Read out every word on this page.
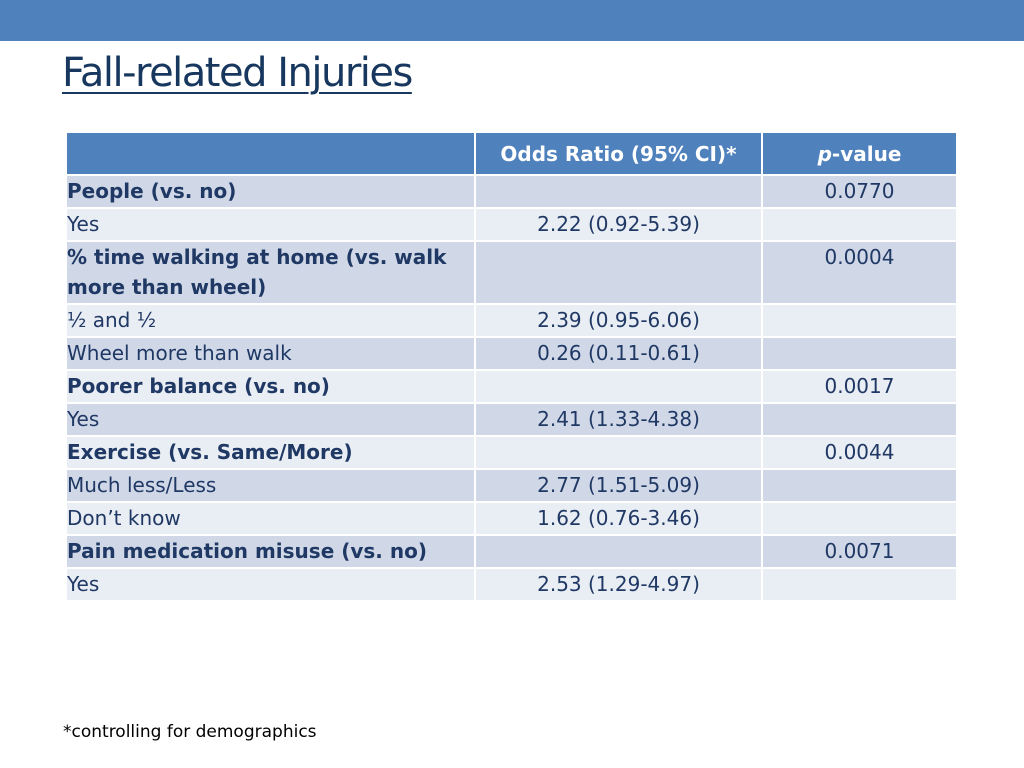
Fall-related Injuries
	Odds Ratio (95% CI)*	p-value
People (vs. no)		0.0770
Yes	2.22 (0.92-5.39)	
% time walking at home (vs. walk more than wheel)		0.0004
½ and ½	2.39 (0.95-6.06)	
Wheel more than walk	0.26 (0.11-0.61)	
Poorer balance (vs. no)		0.0017
Yes	2.41 (1.33-4.38)	
Exercise (vs. Same/More)		0.0044
Much less/Less	2.77 (1.51-5.09)	
Don’t know	1.62 (0.76-3.46)	
Pain medication misuse (vs. no)		0.0071
Yes	2.53 (1.29-4.97)	
*controlling for demographics
